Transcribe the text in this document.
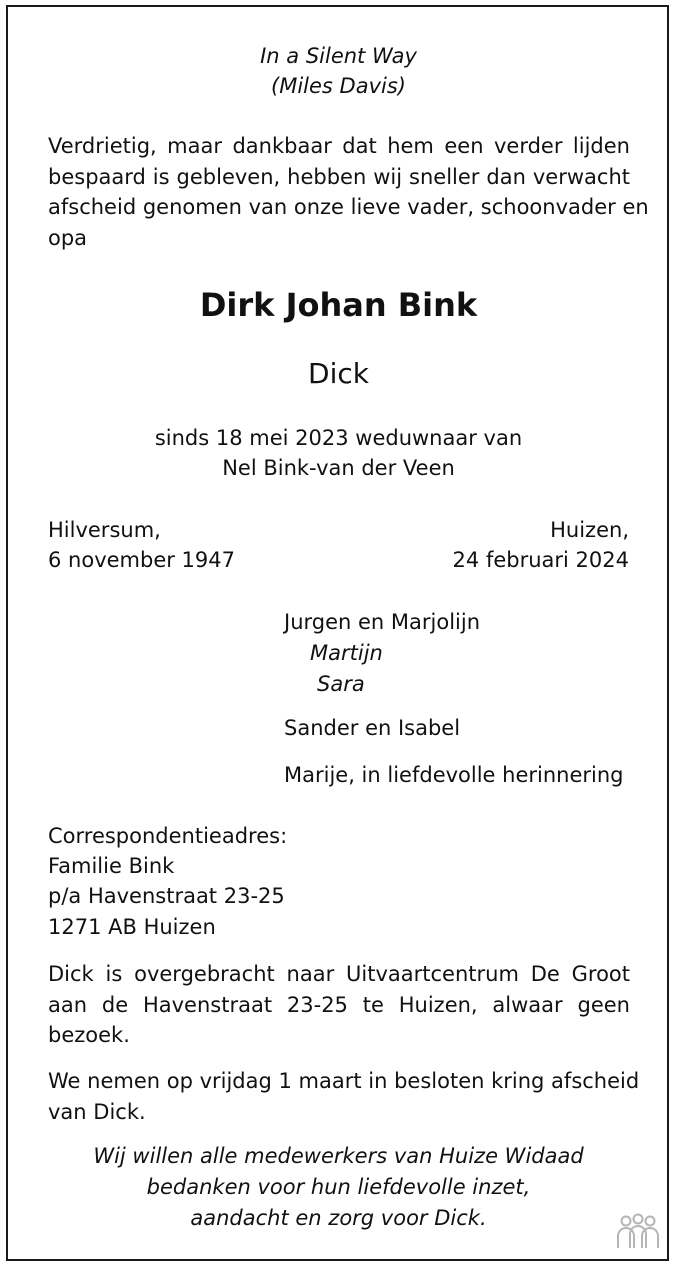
In a Silent Way
(Miles Davis)
Verdrietig, maar dankbaar dat hem een verder lijden
bespaard is gebleven, hebben wij sneller dan verwacht
afscheid genomen van onze lieve vader, schoonvader en
opa
Dirk Johan Bink
Dick
sinds 18 mei 2023 weduwnaar van
Nel Bink-van der Veen
Hilversum,
6 november 1947
Huizen,
24 februari 2024
Jurgen en Marjolijn
Martijn
Sara
Sander en Isabel
Marije, in liefdevolle herinnering
Correspondentieadres:
Familie Bink
p/a Havenstraat 23-25
1271 AB Huizen
Dick is overgebracht naar Uitvaartcentrum De Groot
aan de Havenstraat 23-25 te Huizen, alwaar geen
bezoek.
We nemen op vrijdag 1 maart in besloten kring afscheid
van Dick.
Wij willen alle medewerkers van Huize Widaad
bedanken voor hun liefdevolle inzet,
aandacht en zorg voor Dick.
